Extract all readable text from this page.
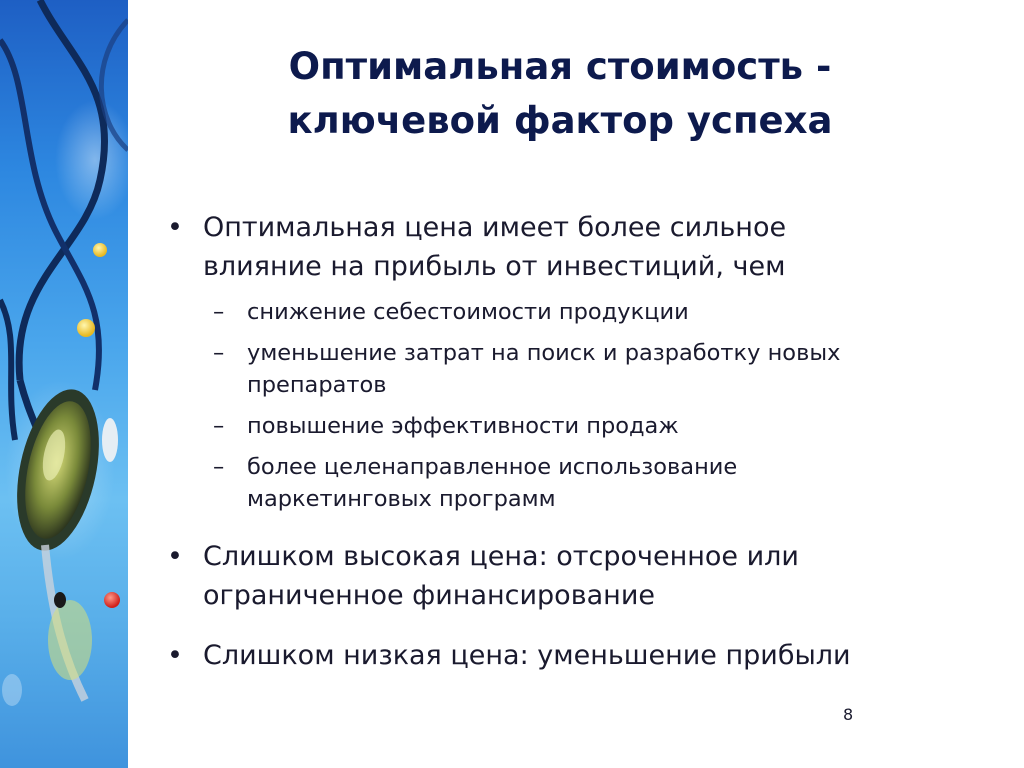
Оптимальная стоимость -
ключевой фактор успеха
• Оптимальная цена имеет более сильное
влияние на прибыль от инвестиций, чем
– снижение себестоимости продукции
– уменьшение затрат на поиск и разработку новых
препаратов
– повышение эффективности продаж
– более целенаправленное использование
маркетинговых программ
• Слишком высокая цена: отсроченное или
ограниченное финансирование
• Слишком низкая цена: уменьшение прибыли
8
